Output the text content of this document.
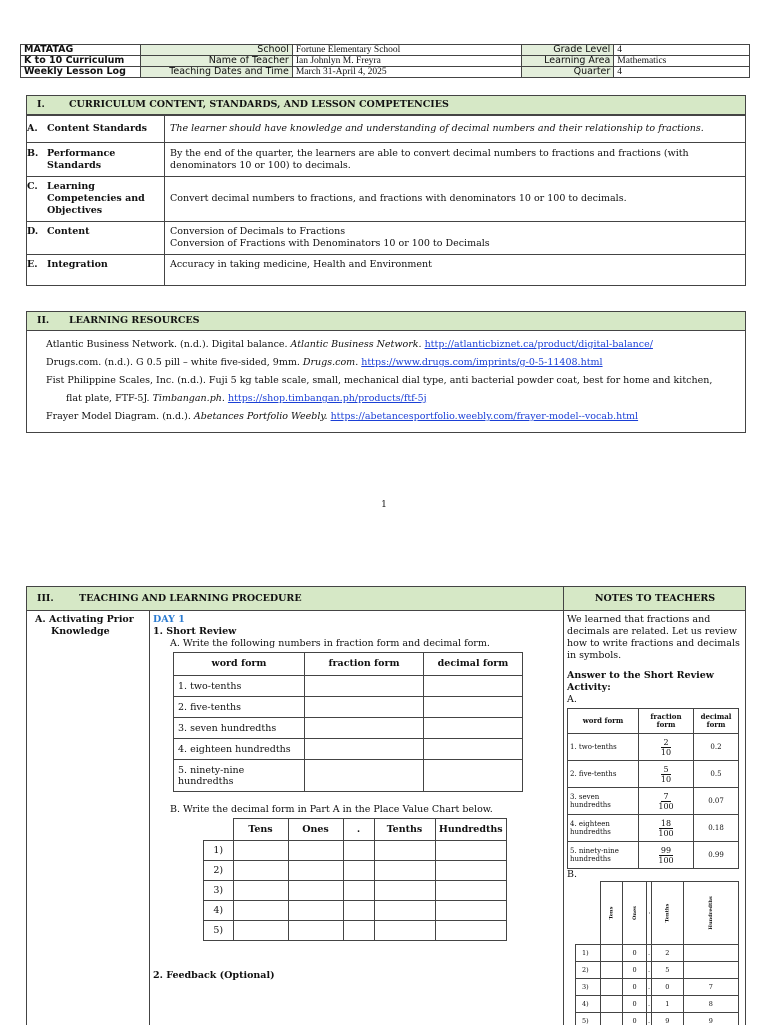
MATATAG	School	Fortune Elementary School	Grade Level	4
K to 10 Curriculum	Name of Teacher	Ian Johnlyn M. Freyra	Learning Area	Mathematics
Weekly Lesson Log	Teaching Dates and Time	March 31-April 4, 2025	Quarter	4
I.	CURRICULUM CONTENT, STANDARDS, AND LESSON COMPETENCIES
A. Content Standards	The learner should have knowledge and understanding of decimal numbers and their relationship to fractions.
B. Performance Standards	By the end of the quarter, the learners are able to convert decimal numbers to fractions and fractions (with denominators 10 or 100) to decimals.
C. Learning Competencies and Objectives	Convert decimal numbers to fractions, and fractions with denominators 10 or 100 to decimals.
D. Content	Conversion of Decimals to Fractions
Conversion of Fractions with Denominators 10 or 100 to Decimals

E. Integration	Accuracy in taking medicine, Health and Environment
II. LEARNING RESOURCES
Atlantic Business Network. (n.d.). Digital balance. Atlantic Business Network. http://atlanticbiznet.ca/product/digital-balance/
Drugs.com. (n.d.). G 0.5 pill – white five-sided, 9mm. Drugs.com. https://www.drugs.com/imprints/g-0-5-11408.html
Fist Philippine Scales, Inc. (n.d.). Fuji 5 kg table scale, small, mechanical dial type, anti bacterial powder coat, best for home and kitchen, flat plate, FTF-5J. Timbangan.ph. https://shop.timbangan.ph/products/ftf-5j
Frayer Model Diagram. (n.d.). Abetances Portfolio Weebly. https://abetancesportfolio.weebly.com/frayer-model--vocab.html
1
III.	TEACHING AND LEARNING PROCEDURE	NOTES TO TEACHERS
A. Activating Prior
Knowledge
DAY 1
1. Short Review
A. Write the following numbers in fraction form and decimal form.
word form	fraction form	decimal form
1. two-tenths		
2. five-tenths		
3. seven hundredths		
4. eighteen hundredths		
5. ninety-nine hundredths		
B. Write the decimal form in Part A in the Place Value Chart below.
	Tens	Ones	.	Tenths	Hundredths
1)					
2)					
3)					
4)					
5)					
2. Feedback (Optional)
We learned that fractions and decimals are related. Let us review how to write fractions and decimals in symbols.
Answer to the Short Review Activity:
A.
word form	fraction form	decimal form
1. two-tenths	$\frac{2}{10}$	0.2
2. five-tenths	$\frac{5}{10}$	0.5
3. seven hundredths	$\frac{7}{100}$	0.07
4. eighteen hundredths	$\frac{18}{100}$	0.18
5. ninety-nine hundredths	$\frac{99}{100}$	0.99
B.
	Tens	Ones	.	Tenths	Hundredths
1)		0	.	2	
2)		0	.	5	
3)		0	.	0	7
4)		0	.	1	8
5)		0	.	9	9
